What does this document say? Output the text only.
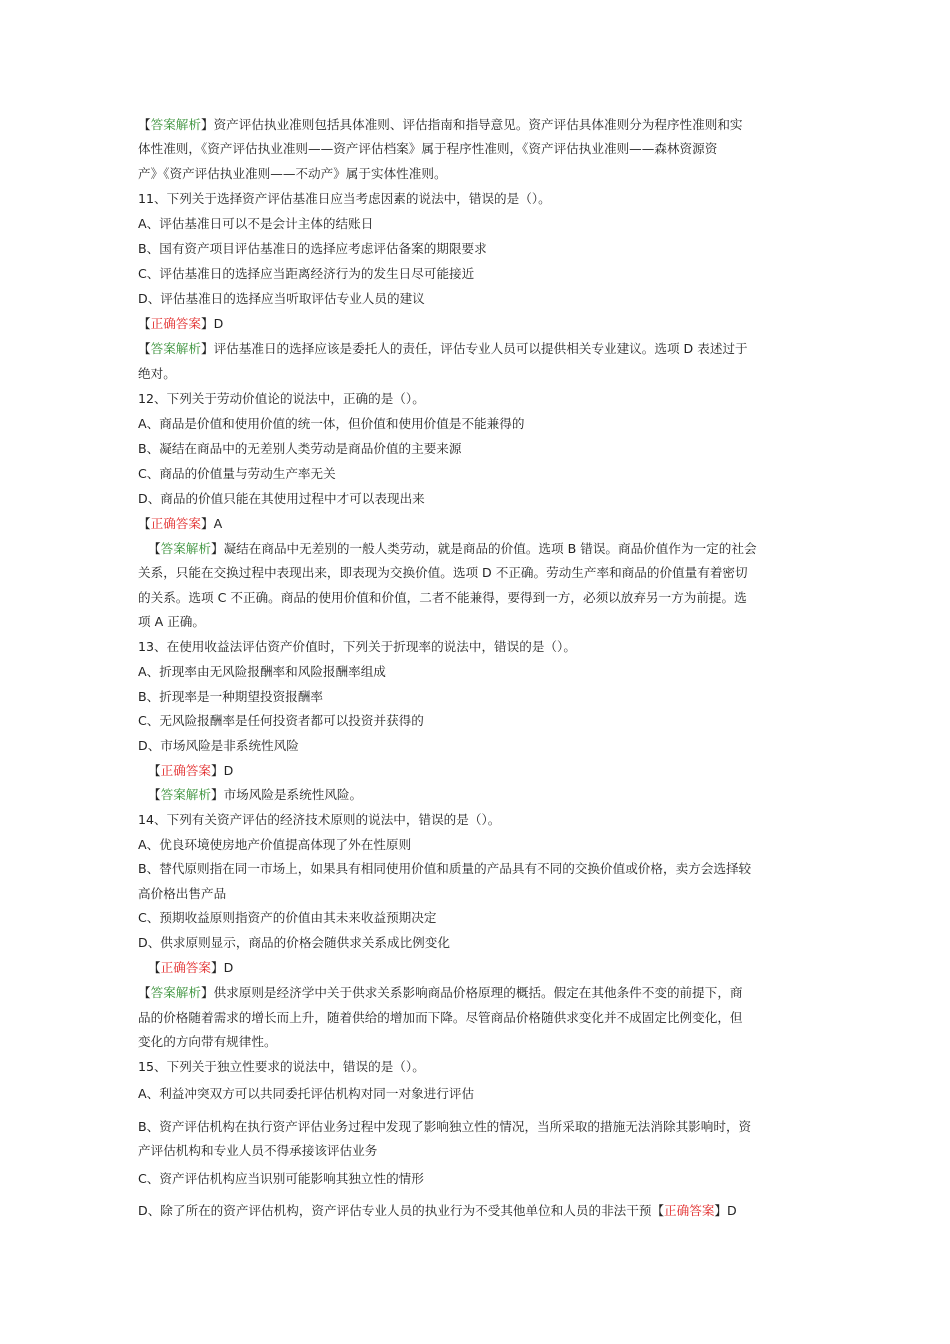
【答案解析】资产评估执业准则包括具体准则、评估指南和指导意见。资产评估具体准则分为程序性准则和实
体性准则，《资产评估执业准则——资产评估档案》属于程序性准则，《资产评估执业准则——森林资源资
产》《资产评估执业准则——不动产》属于实体性准则。
11、下列关于选择资产评估基准日应当考虑因素的说法中，错误的是（）。
A、评估基准日可以不是会计主体的结账日
B、国有资产项目评估基准日的选择应考虑评估备案的期限要求
C、评估基准日的选择应当距离经济行为的发生日尽可能接近
D、评估基准日的选择应当听取评估专业人员的建议
【正确答案】D
【答案解析】评估基准日的选择应该是委托人的责任，评估专业人员可以提供相关专业建议。选项 D 表述过于
绝对。
12、下列关于劳动价值论的说法中，正确的是（）。
A、商品是价值和使用价值的统一体，但价值和使用价值是不能兼得的
B、凝结在商品中的无差别人类劳动是商品价值的主要来源
C、商品的价值量与劳动生产率无关
D、商品的价值只能在其使用过程中才可以表现出来
【正确答案】A
【答案解析】凝结在商品中无差别的一般人类劳动，就是商品的价值。选项 B 错误。商品价值作为一定的社会
关系，只能在交换过程中表现出来，即表现为交换价值。选项 D 不正确。劳动生产率和商品的价值量有着密切
的关系。选项 C 不正确。商品的使用价值和价值，二者不能兼得，要得到一方，必须以放弃另一方为前提。选
项 A 正确。
13、在使用收益法评估资产价值时，下列关于折现率的说法中，错误的是（）。
A、折现率由无风险报酬率和风险报酬率组成
B、折现率是一种期望投资报酬率
C、无风险报酬率是任何投资者都可以投资并获得的
D、市场风险是非系统性风险
【正确答案】D
【答案解析】市场风险是系统性风险。
14、下列有关资产评估的经济技术原则的说法中，错误的是（）。
A、优良环境使房地产价值提高体现了外在性原则
B、替代原则指在同一市场上，如果具有相同使用价值和质量的产品具有不同的交换价值或价格，卖方会选择较
高价格出售产品
C、预期收益原则指资产的价值由其未来收益预期决定
D、供求原则显示，商品的价格会随供求关系成比例变化
【正确答案】D
【答案解析】供求原则是经济学中关于供求关系影响商品价格原理的概括。假定在其他条件不变的前提下，商
品的价格随着需求的增长而上升，随着供给的增加而下降。尽管商品价格随供求变化并不成固定比例变化，但
变化的方向带有规律性。
15、下列关于独立性要求的说法中，错误的是（）。
A、利益冲突双方可以共同委托评估机构对同一对象进行评估
B、资产评估机构在执行资产评估业务过程中发现了影响独立性的情况，当所采取的措施无法消除其影响时，资
产评估机构和专业人员不得承接该评估业务
C、资产评估机构应当识别可能影响其独立性的情形
D、除了所在的资产评估机构，资产评估专业人员的执业行为不受其他单位和人员的非法干预【正确答案】D
